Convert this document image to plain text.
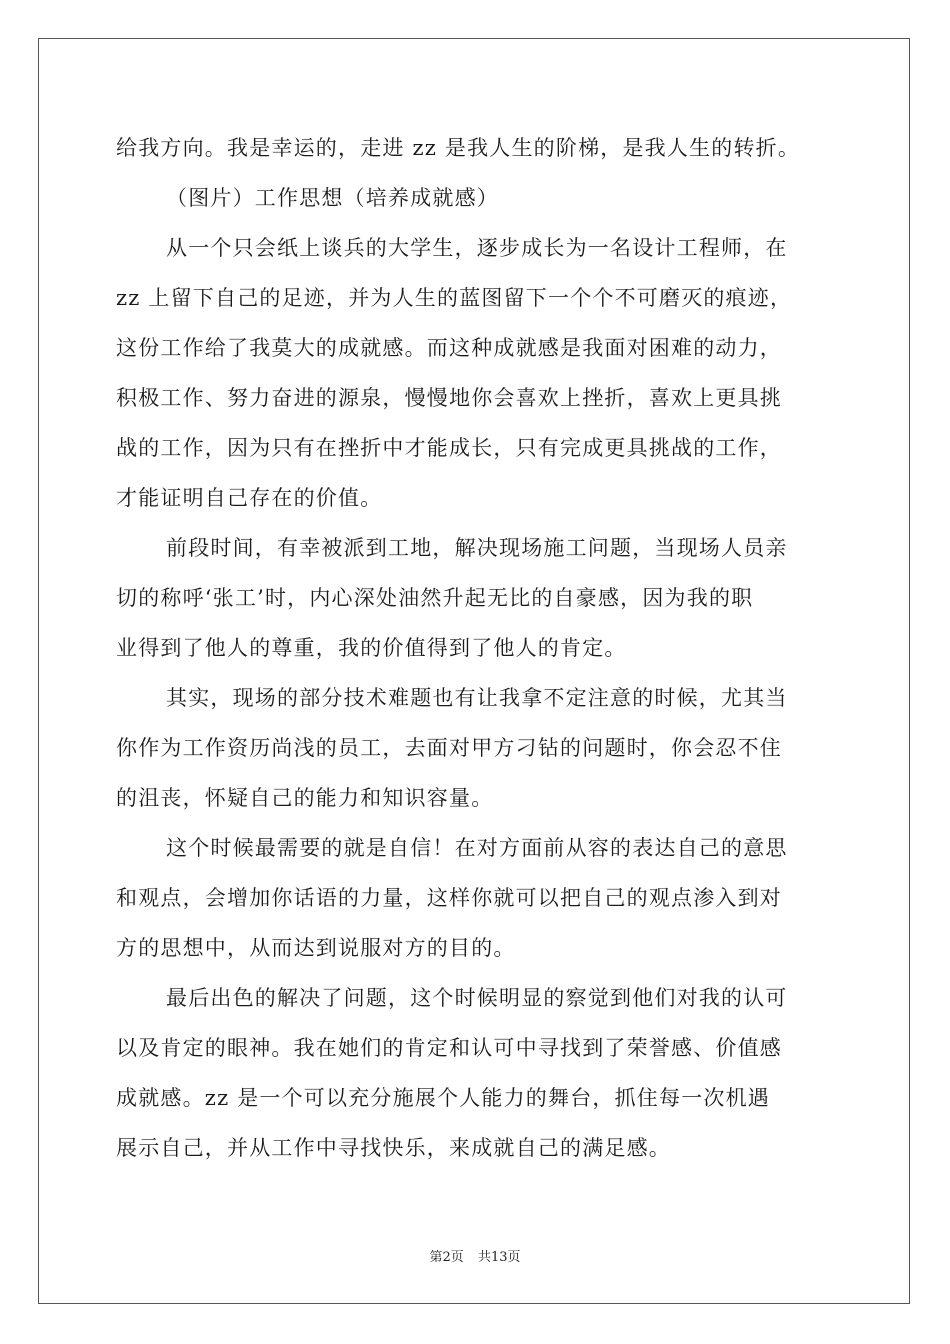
给我方向。我是幸运的，走进 zz 是我人生的阶梯，是我人生的转折。
（图片）工作思想（培养成就感）
从一个只会纸上谈兵的大学生，逐步成长为一名设计工程师，在
zz 上留下自己的足迹，并为人生的蓝图留下一个个不可磨灭的痕迹，
这份工作给了我莫大的成就感。而这种成就感是我面对困难的动力，
积极工作、努力奋进的源泉，慢慢地你会喜欢上挫折，喜欢上更具挑
战的工作，因为只有在挫折中才能成长，只有完成更具挑战的工作，
才能证明自己存在的价值。
前段时间，有幸被派到工地，解决现场施工问题，当现场人员亲
切的称呼‘张工’时，内心深处油然升起无比的自豪感，因为我的职
业得到了他人的尊重，我的价值得到了他人的肯定。
其实，现场的部分技术难题也有让我拿不定注意的时候，尤其当
你作为工作资历尚浅的员工，去面对甲方刁钻的问题时，你会忍不住
的沮丧，怀疑自己的能力和知识容量。
这个时候最需要的就是自信！在对方面前从容的表达自己的意思
和观点，会增加你话语的力量，这样你就可以把自己的观点渗入到对
方的思想中，从而达到说服对方的目的。
最后出色的解决了问题，这个时候明显的察觉到他们对我的认可
以及肯定的眼神。我在她们的肯定和认可中寻找到了荣誉感、价值感
成就感。zz 是一个可以充分施展个人能力的舞台，抓住每一次机遇
展示自己，并从工作中寻找快乐，来成就自己的满足感。
第2页 共13页
